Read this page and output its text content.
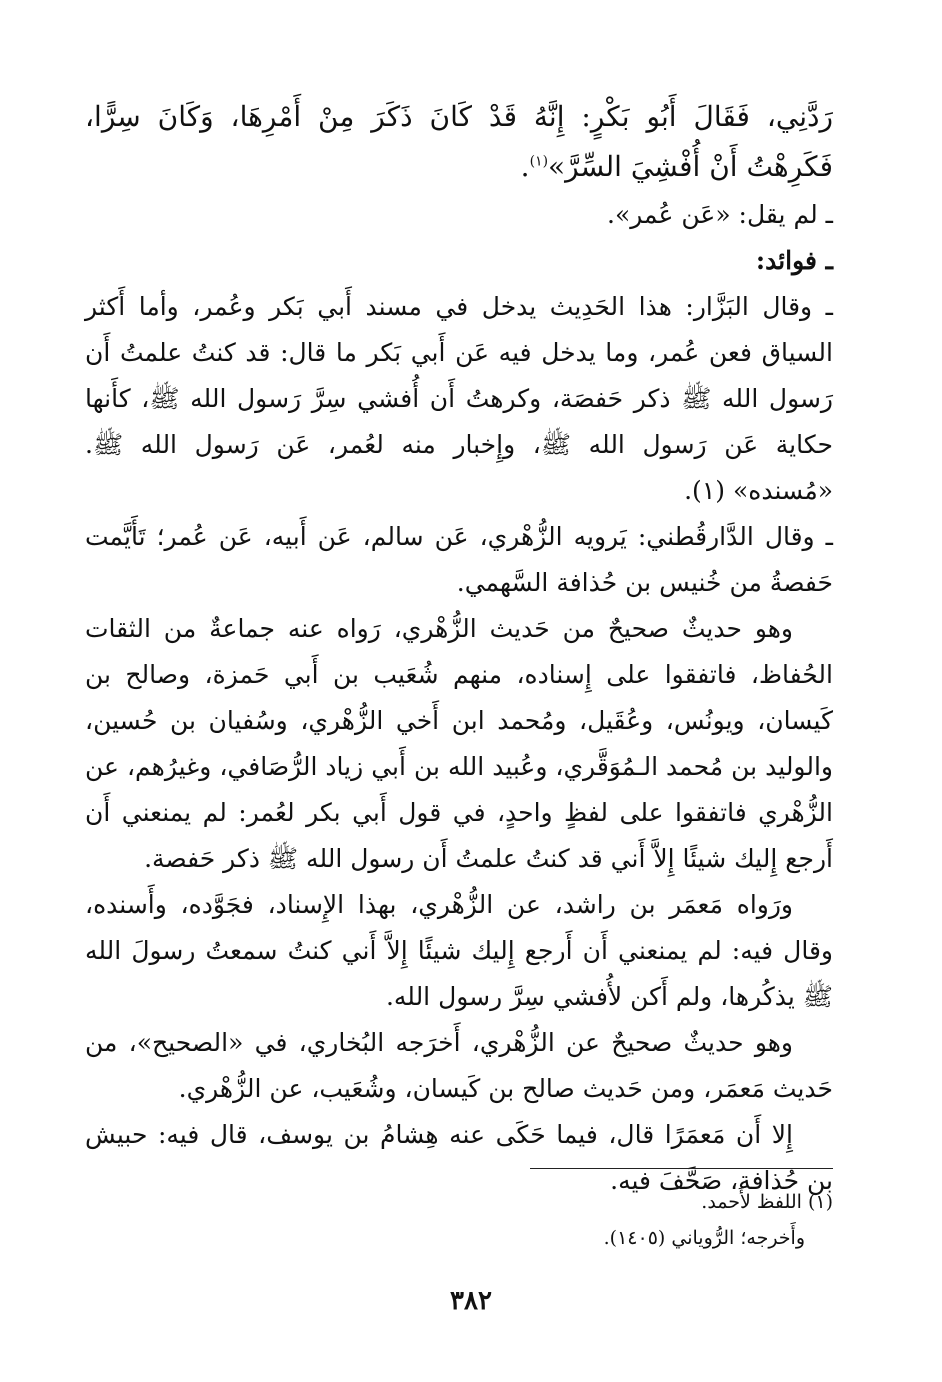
رَدَّنِي، فَقَالَ أَبُو بَكْرٍ: إِنَّهُ قَدْ كَانَ ذَكَرَ مِنْ أَمْرِهَا، وَكَانَ سِرًّا، فَكَرِهْتُ أَنْ أُفْشِيَ السِّرَّ»$^{(١)}$.

ـ لم يقل: «عَن عُمر».

ـ فوائد:

ـ وقال البَزَّار: هذا الحَدِيث يدخل في مسند أَبي بَكر وعُمر، وأما أَكثر السياق فعن عُمر، وما يدخل فيه عَن أَبي بَكر ما قال: قد كنتُ علمتُ أَن رَسول الله ﷺ ذكر حَفصَة، وكرهتُ أَن أُفشي سِرَّ رَسول الله ﷺ، كأَنها حكاية عَن رَسول الله ﷺ، وإِخبار منه لعُمر، عَن رَسول الله ﷺ. «مُسنده» (١).

ـ وقال الدَّارقُطني: يَرويه الزُّهْري، عَن سالم، عَن أَبيه، عَن عُمر؛ تَأَيَّمت حَفصةُ من خُنيس بن حُذافة السَّهمي.

وهو حديثٌ صحيحٌ من حَديث الزُّهْري، رَواه عنه جماعةٌ من الثقات الحُفاظ، فاتفقوا على إِسناده، منهم شُعَيب بن أَبي حَمزة، وصالح بن كَيسان، ويونُس، وعُقَيل، ومُحمد ابن أَخي الزُّهْري، وسُفيان بن حُسين، والوليد بن مُحمد الـمُوَقَّري، وعُبيد الله بن أَبي زياد الرُّصَافي، وغيرُهم، عن الزُّهْري فاتفقوا على لفظٍ واحدٍ، في قول أَبي بكر لعُمر: لم يمنعني أَن أَرجع إِليك شيئًا إِلاَّ أَني قد كنتُ علمتُ أَن رسول الله ﷺ ذكر حَفصة.

ورَواه مَعمَر بن راشد، عن الزُّهْري، بهذا الإِسناد، فجَوَّده، وأَسنده، وقال فيه: لم يمنعني أَن أَرجع إِليك شيئًا إِلاَّ أَني كنتُ سمعتُ رسولَ الله ﷺ يذكُرها، ولم أَكن لأُفشي سِرَّ رسول الله.

وهو حديثٌ صحيحٌ عن الزُّهْري، أَخرَجه البُخاري، في «الصحيح»، من حَديث مَعمَر، ومن حَديث صالح بن كَيسان، وشُعَيب، عن الزُّهْري.

إِلا أَن مَعمَرًا قال، فيما حَكَى عنه هِشامُ بن يوسف، قال فيه: حبيش بن حُذافة، صَحَّفَ فيه.

(١) اللفظ لأَحمد.

وأَخرجه؛ الرُّوياني (١٤٠٥).

٣٨٢
